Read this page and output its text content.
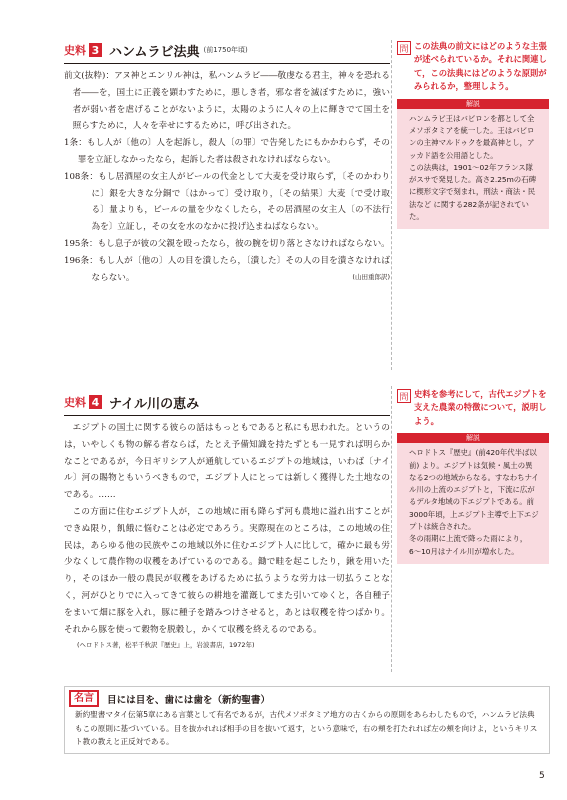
史料 3 ハンムラビ法典 (前1750年頃)
前文(抜粋)：アヌ神とエンリル神は，私ハンムラビ――敬虔なる君主，神々を恐れる者――を，国土に正義を顕わすために，悪しき者，邪な者を滅ぼすために，強い者が弱い者を虐げることがないように，太陽のように人々の上に輝きでて国土を照らすために，人々を幸せにするために，呼び出された。
1条：もし人が〔他の〕人を起訴し，殺人〔の罪〕で告発したにもかかわらず，その罪を立証しなかったなら，起訴した者は殺されなければならない。
108条：もし居酒屋の女主人がビールの代金として大麦を受け取らず，〔そのかわりに〕銀を大きな分銅で〔はかって〕受け取り，〔その結果〕大麦〔で受け取る〕量よりも，ビールの量を少なくしたら，その居酒屋の女主人〔の不法行為を〕立証し，その女を水のなかに投げ込まねばならない。
195条：もし息子が彼の父親を殴ったなら，彼の腕を切り落とさなければならない。
196条：もし人が〔他の〕人の目を潰したら，〔潰した〕その人の目を潰さなければならない。	(山田重郎訳)
問 この法典の前文にはどのような主張が述べられているか。それに関連して，この法典にはどのような原則がみられるか，整理しよう。
解説
ハンムラビ王はバビロンを都として全メソポタミアを統一した。王はバビロンの主神マルドゥクを最高神とし，アッカド語を公用語とした。
この法典は，1901〜02年フランス隊がスサで発見した。高さ2.25mの石碑に楔形文字で刻まれ，刑法・商法・民法など に関する282条が記されていた。
史料 4 ナイル川の恵み
エジプトの国土に関する彼らの話はもっともであると私にも思われた。というのは，いやしくも物の解る者ならば，たとえ予備知識を持たずとも一見すれば明らかなことであるが，今日ギリシア人が通航しているエジプトの地域は，いわば〔ナイル〕河の賜物ともいうべきもので，エジプト人にとっては新しく獲得した土地なのである。……
この方面に住むエジプト人が，この地域に雨も降らず河も農地に溢れ出すことができぬ限り，飢餓に悩むことは必定であろう。実際現在のところは，この地域の住民は，あらゆる他の民族やこの地域以外に住むエジプト人に比して，確かに最も労少なくして農作物の収穫をあげているのである。鋤で畦を起こしたり，鍬を用いたり，そのほか一般の農民が収穫をあげるために払うような労力は一切払うことなく，河がひとりでに入ってきて彼らの耕地を灌漑してまた引いてゆくと，各自種子をまいて畑に豚を入れ，豚に種子を踏みつけさせると，あとは収穫を待つばかり。それから豚を使って穀物を脱穀し，かくて収穫を終えるのである。
(ヘロドトス著，松平千秋訳『歴史』上，岩波書店，1972年)
問 史料を参考にして，古代エジプトを支えた農業の特徴について，説明しよう。
解説
ヘロドトス『歴史』(前420年代半ば以前) より。エジプトは気候・風土の異なる2つの地域からなる。すなわちナイル川の上流のエジプトと，下流に広がるデルタ地域の下エジプトである。前3000年頃，上エジプト主導で上下エジプトは統合された。
冬の雨期に上流で降った雨により，6〜10月はナイル川が増水した。
名言	目には目を、歯には歯を（新約聖書）
新約聖書マタイ伝第5章にある言葉として有名であるが，古代メソポタミア地方の古くからの原則をあらわしたもので，ハンムラビ法典もこの原則に基づいている。目を抜かれれば相手の目を抜いて返す，という意味で，右の頬を打たれれば左の頬を向けよ，というキリスト教の教えと正反対である。
5
